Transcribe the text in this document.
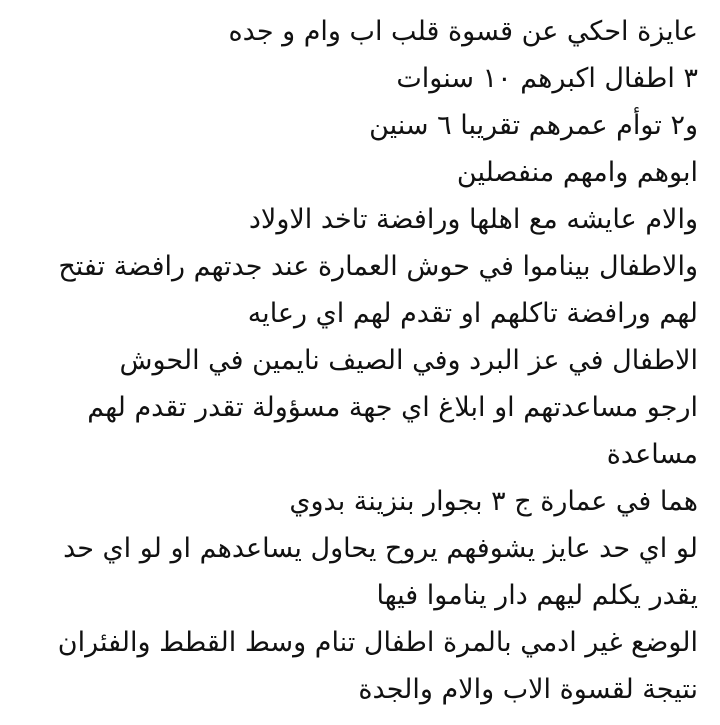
عايزة احكي عن قسوة قلب اب وام و جده
٣ اطفال اكبرهم ١٠ سنوات
و٢ توأم عمرهم تقريبا ٦ سنين
ابوهم وامهم منفصلين
والام عايشه مع اهلها ورافضة تاخد الاولاد
والاطفال بيناموا في حوش العمارة عند جدتهم رافضة تفتح
لهم ورافضة تاكلهم او تقدم لهم اي رعايه
الاطفال في عز البرد وفي الصيف نايمين في الحوش
ارجو مساعدتهم او ابلاغ اي جهة مسؤولة تقدر تقدم لهم
مساعدة
هما في عمارة ج ٣ بجوار بنزينة بدوي
لو اي حد عايز يشوفهم يروح يحاول يساعدهم او لو اي حد
يقدر يكلم ليهم دار يناموا فيها
الوضع غير ادمي بالمرة اطفال تنام وسط القطط والفئران
نتيجة لقسوة الاب والام والجدة
